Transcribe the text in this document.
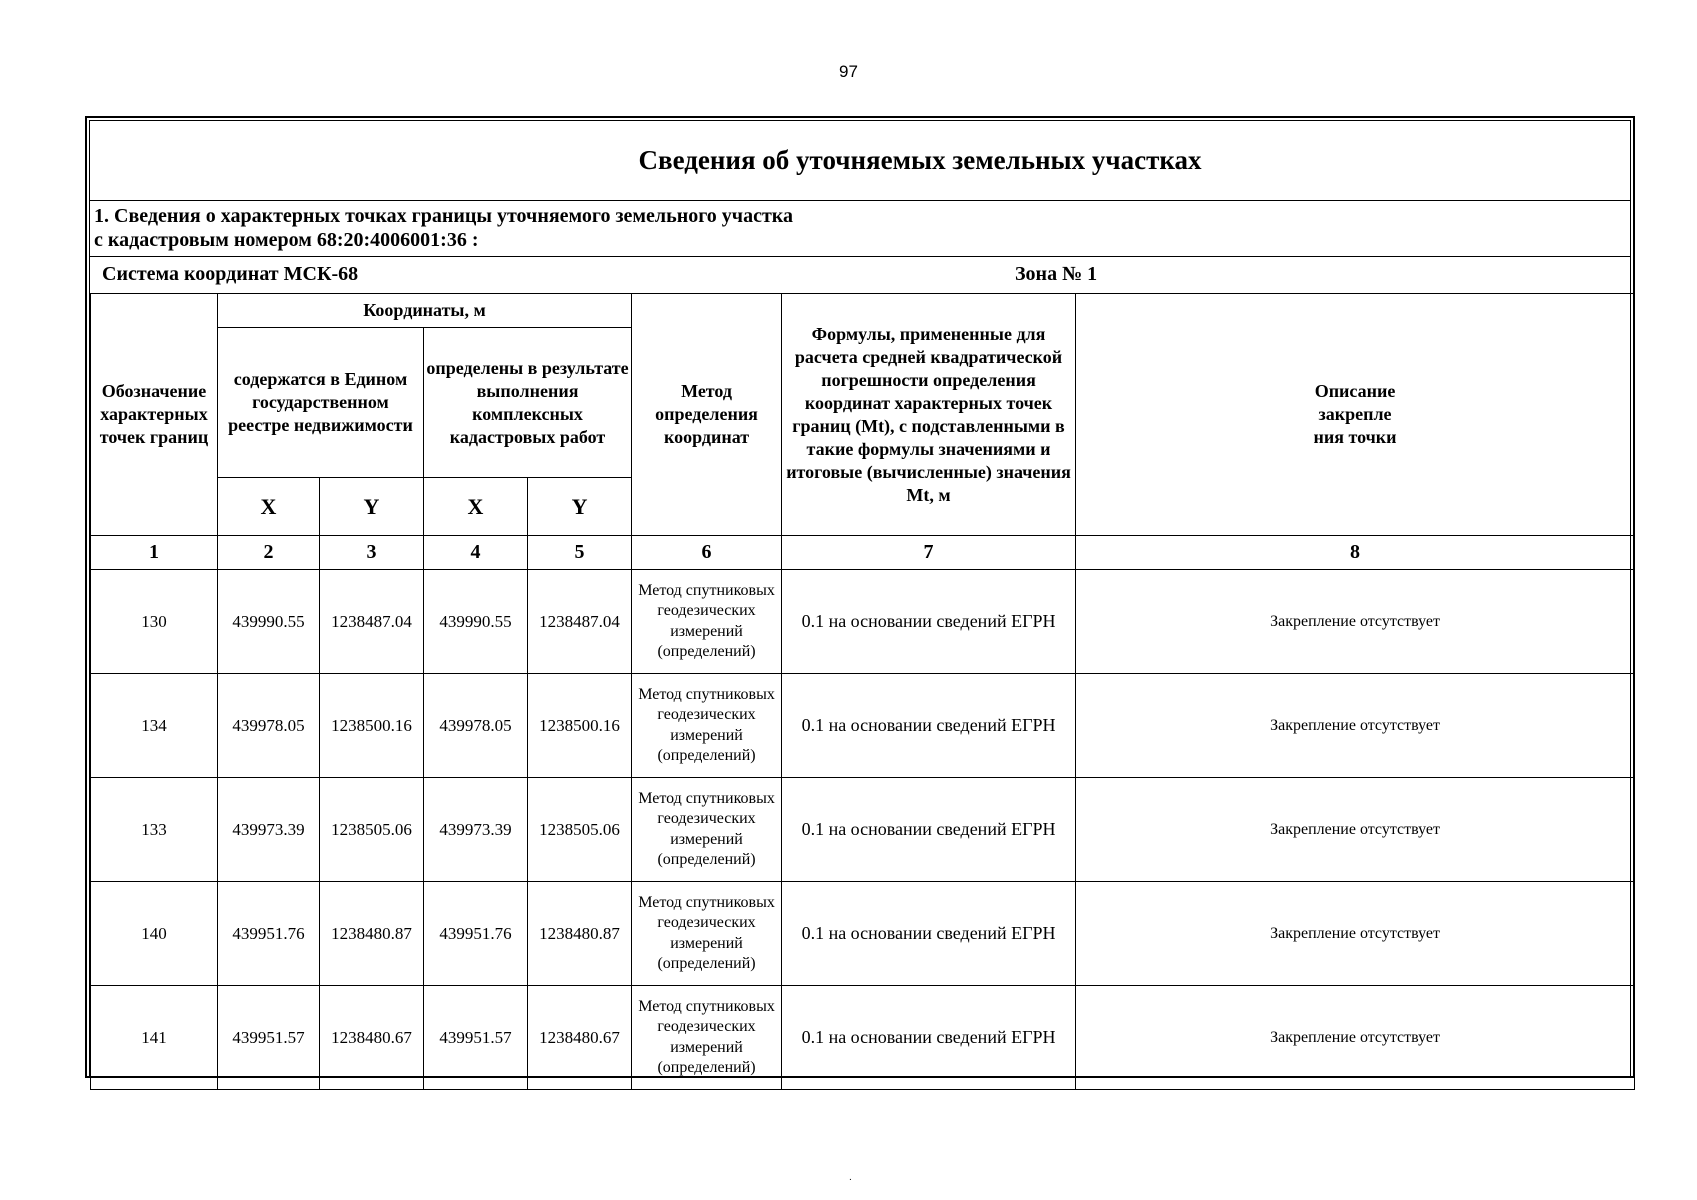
97
Сведения об уточняемых земельных участках
1. Сведения о характерных точках границы уточняемого земельного участка
с кадастровым номером 68:20:4006001:36 :
Система координат МСК-68	Зона № 1
Обозначение характерных точек границ	Координаты, м				Метод определения координат	Формулы, примененные для расчета средней квадратической погрешности определения координат характерных точек границ (Mt), с подставленными в такие формулы значениями и итоговые (вычисленные) значения Mt, м	Описание закрепле ния точки
	содержатся в Едином государственном реестре недвижимости		определены в результате выполнения комплексных кадастровых работ				
	X	Y	X	Y			
1	2	3	4	5	6	7	8
130	439990.55	1238487.04	439990.55	1238487.04	Метод спутниковых геодезических измерений (определений)	0.1 на основании сведений ЕГРН	Закрепление отсутствует
134	439978.05	1238500.16	439978.05	1238500.16	Метод спутниковых геодезических измерений (определений)	0.1 на основании сведений ЕГРН	Закрепление отсутствует
133	439973.39	1238505.06	439973.39	1238505.06	Метод спутниковых геодезических измерений (определений)	0.1 на основании сведений ЕГРН	Закрепление отсутствует
140	439951.76	1238480.87	439951.76	1238480.87	Метод спутниковых геодезических измерений (определений)	0.1 на основании сведений ЕГРН	Закрепление отсутствует
141	439951.57	1238480.67	439951.57	1238480.67	Метод спутниковых геодезических измерений (определений)	0.1 на основании сведений ЕГРН	Закрепление отсутствует
.
